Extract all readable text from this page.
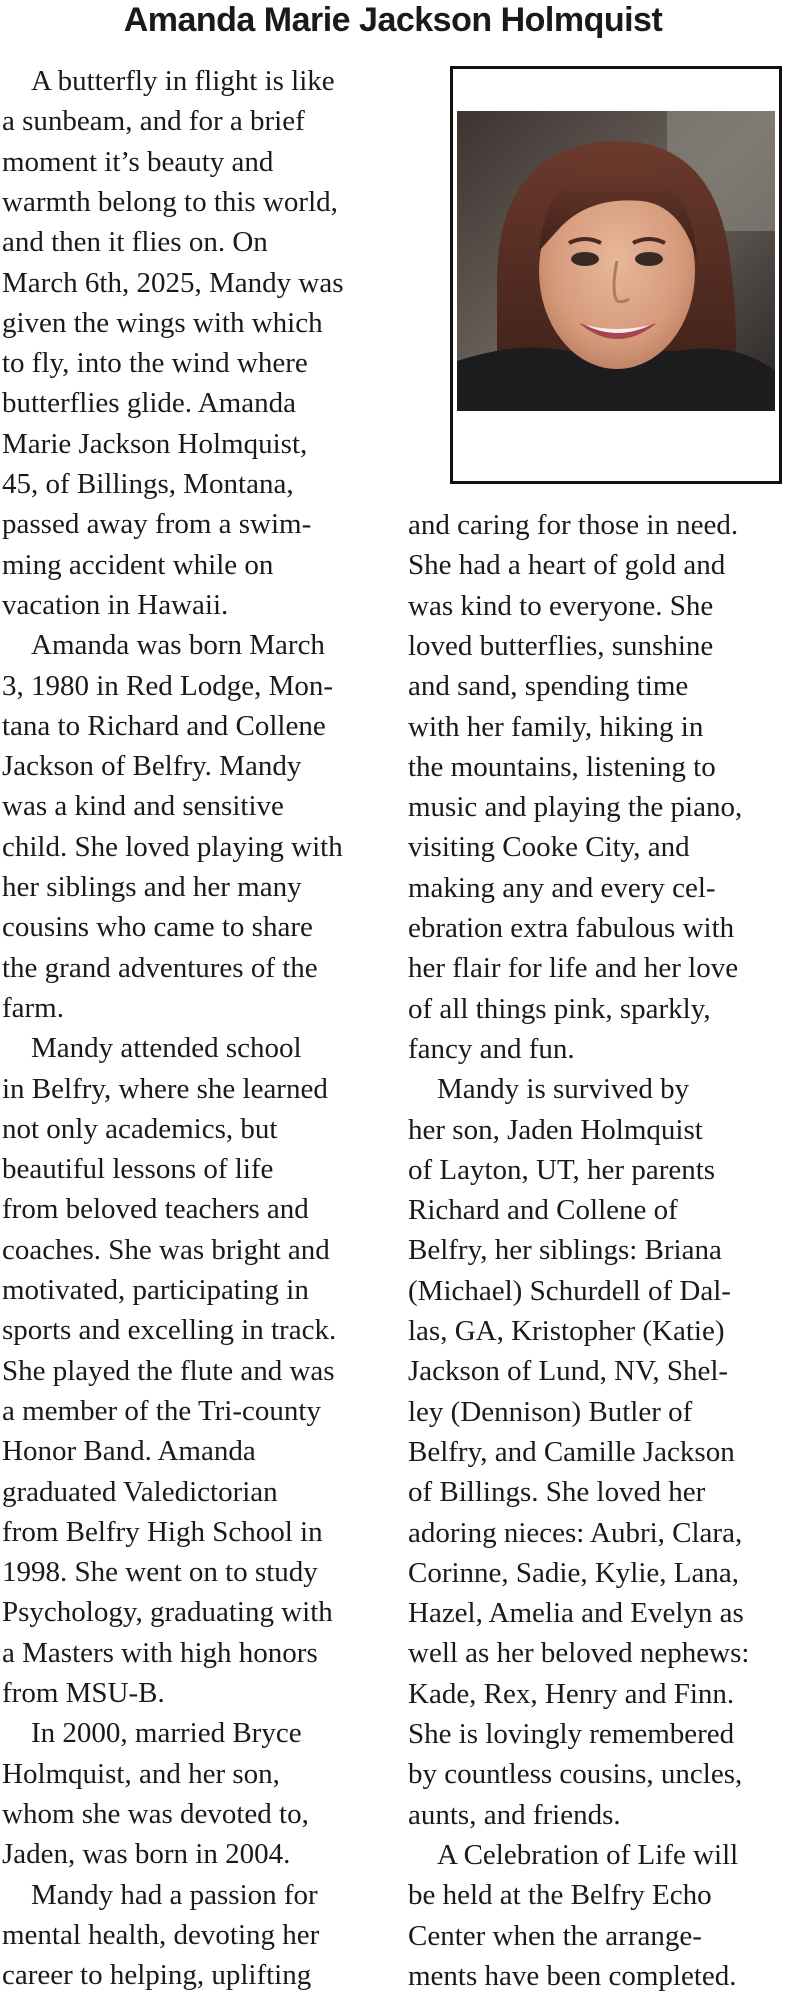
Amanda Marie Jackson Holmquist
 A butterfly in flight is like
a sunbeam, and for a brief
moment it’s beauty and
warmth belong to this world,
and then it flies on. On
March 6th, 2025, Mandy was
given the wings with which
to fly, into the wind where
butterflies glide. Amanda
Marie Jackson Holmquist,
45, of Billings, Montana,
passed away from a swim-
ming accident while on
vacation in Hawaii.
 Amanda was born March
3, 1980 in Red Lodge, Mon-
tana to Richard and Collene
Jackson of Belfry. Mandy
was a kind and sensitive
child. She loved playing with
her siblings and her many
cousins who came to share
the grand adventures of the
farm.
 Mandy attended school
in Belfry, where she learned
not only academics, but
beautiful lessons of life
from beloved teachers and
coaches. She was bright and
motivated, participating in
sports and excelling in track.
She played the flute and was
a member of the Tri-county
Honor Band. Amanda
graduated Valedictorian
from Belfry High School in
1998. She went on to study
Psychology, graduating with
a Masters with high honors
from MSU-B.
 In 2000, married Bryce
Holmquist, and her son,
whom she was devoted to,
Jaden, was born in 2004.
 Mandy had a passion for
mental health, devoting her
career to helping, uplifting
and caring for those in need.
She had a heart of gold and
was kind to everyone. She
loved butterflies, sunshine
and sand, spending time
with her family, hiking in
the mountains, listening to
music and playing the piano,
visiting Cooke City, and
making any and every cel-
ebration extra fabulous with
her flair for life and her love
of all things pink, sparkly,
fancy and fun.
 Mandy is survived by
her son, Jaden Holmquist
of Layton, UT, her parents
Richard and Collene of
Belfry, her siblings: Briana
(Michael) Schurdell of Dal-
las, GA, Kristopher (Katie)
Jackson of Lund, NV, Shel-
ley (Dennison) Butler of
Belfry, and Camille Jackson
of Billings. She loved her
adoring nieces: Aubri, Clara,
Corinne, Sadie, Kylie, Lana,
Hazel, Amelia and Evelyn as
well as her beloved nephews:
Kade, Rex, Henry and Finn.
She is lovingly remembered
by countless cousins, uncles,
aunts, and friends.
 A Celebration of Life will
be held at the Belfry Echo
Center when the arrange-
ments have been completed.
